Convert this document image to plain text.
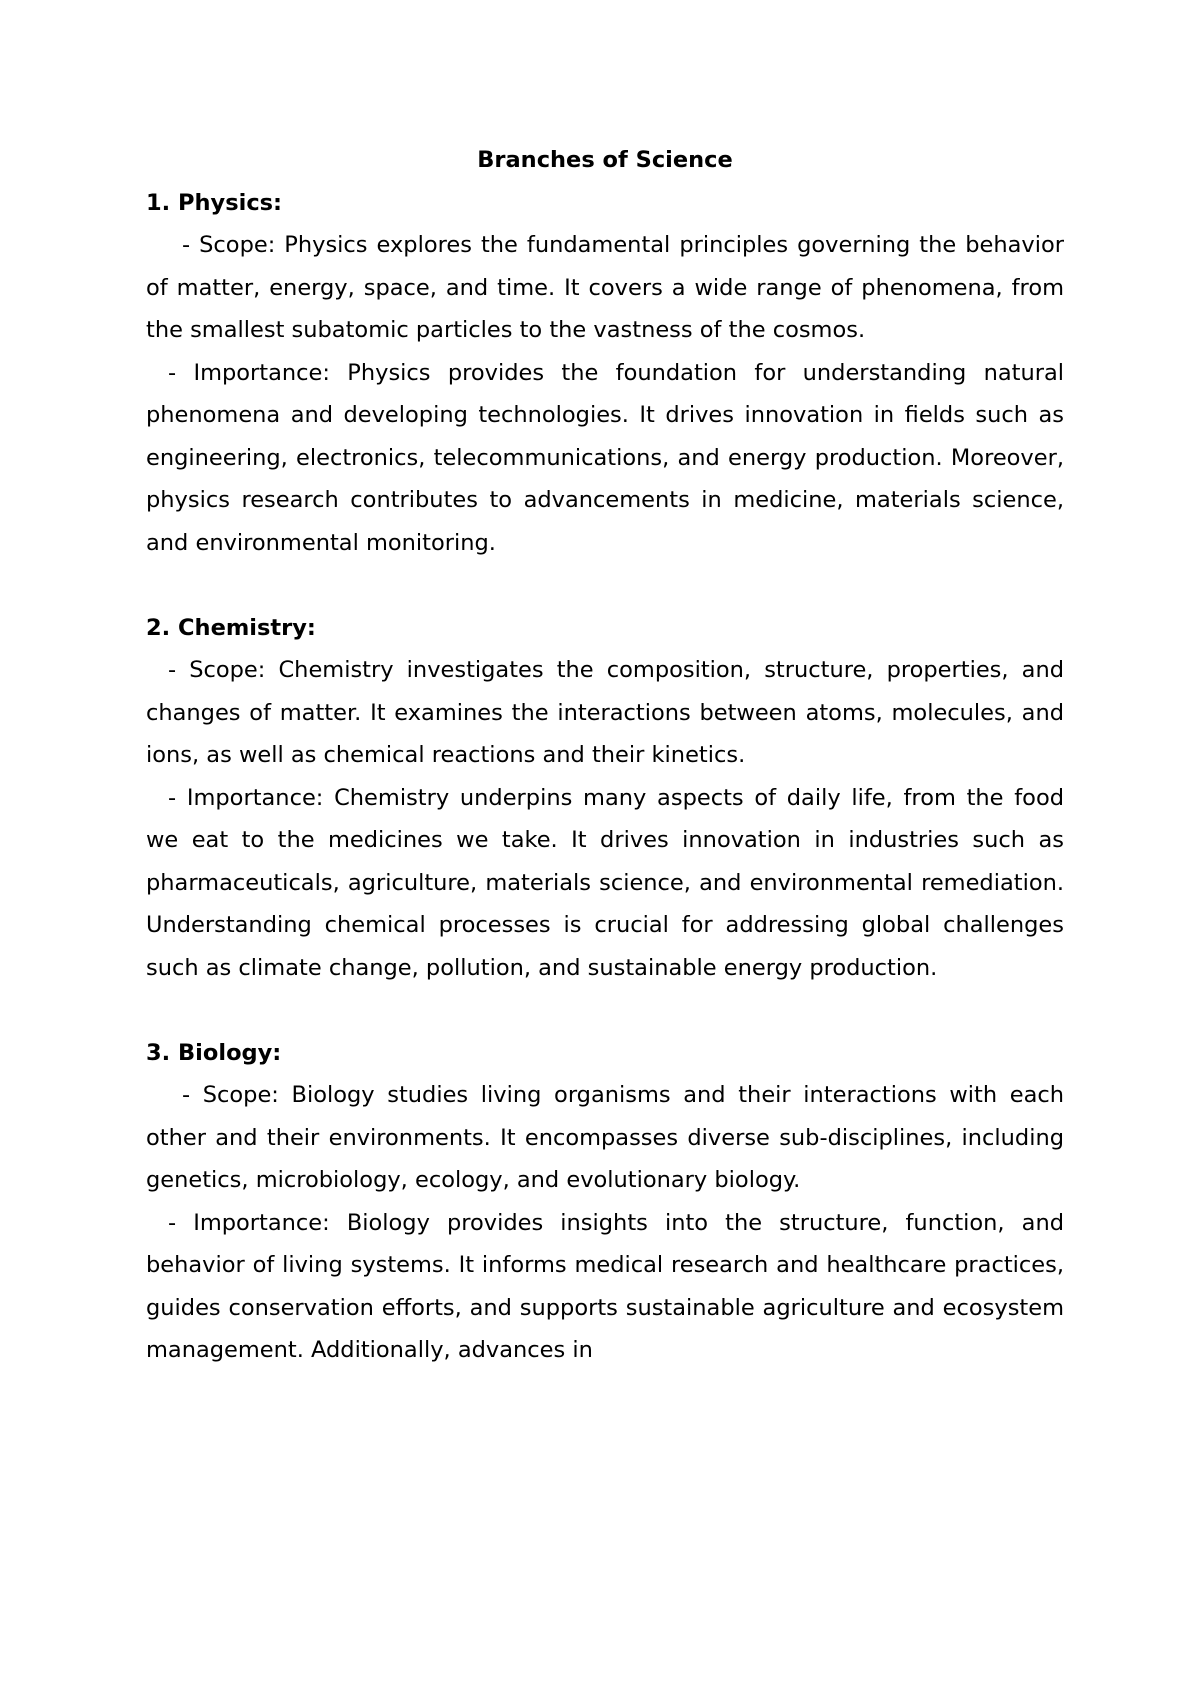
Branches of Science

1. Physics:

- Scope: Physics explores the fundamental principles governing the behavior of matter, energy, space, and time. It covers a wide range of phenomena, from the smallest subatomic particles to the vastness of the cosmos.

- Importance: Physics provides the foundation for understanding natural phenomena and developing technologies. It drives innovation in fields such as engineering, electronics, telecommunications, and energy production. Moreover, physics research contributes to advancements in medicine, materials science, and environmental monitoring.

2. Chemistry:

- Scope: Chemistry investigates the composition, structure, properties, and changes of matter. It examines the interactions between atoms, molecules, and ions, as well as chemical reactions and their kinetics.

- Importance: Chemistry underpins many aspects of daily life, from the food we eat to the medicines we take. It drives innovation in industries such as pharmaceuticals, agriculture, materials science, and environmental remediation. Understanding chemical processes is crucial for addressing global challenges such as climate change, pollution, and sustainable energy production.

3. Biology:

- Scope: Biology studies living organisms and their interactions with each other and their environments. It encompasses diverse sub-disciplines, including genetics, microbiology, ecology, and evolutionary biology.

- Importance: Biology provides insights into the structure, function, and behavior of living systems. It informs medical research and healthcare practices, guides conservation efforts, and supports sustainable agriculture and ecosystem management. Additionally, advances in
